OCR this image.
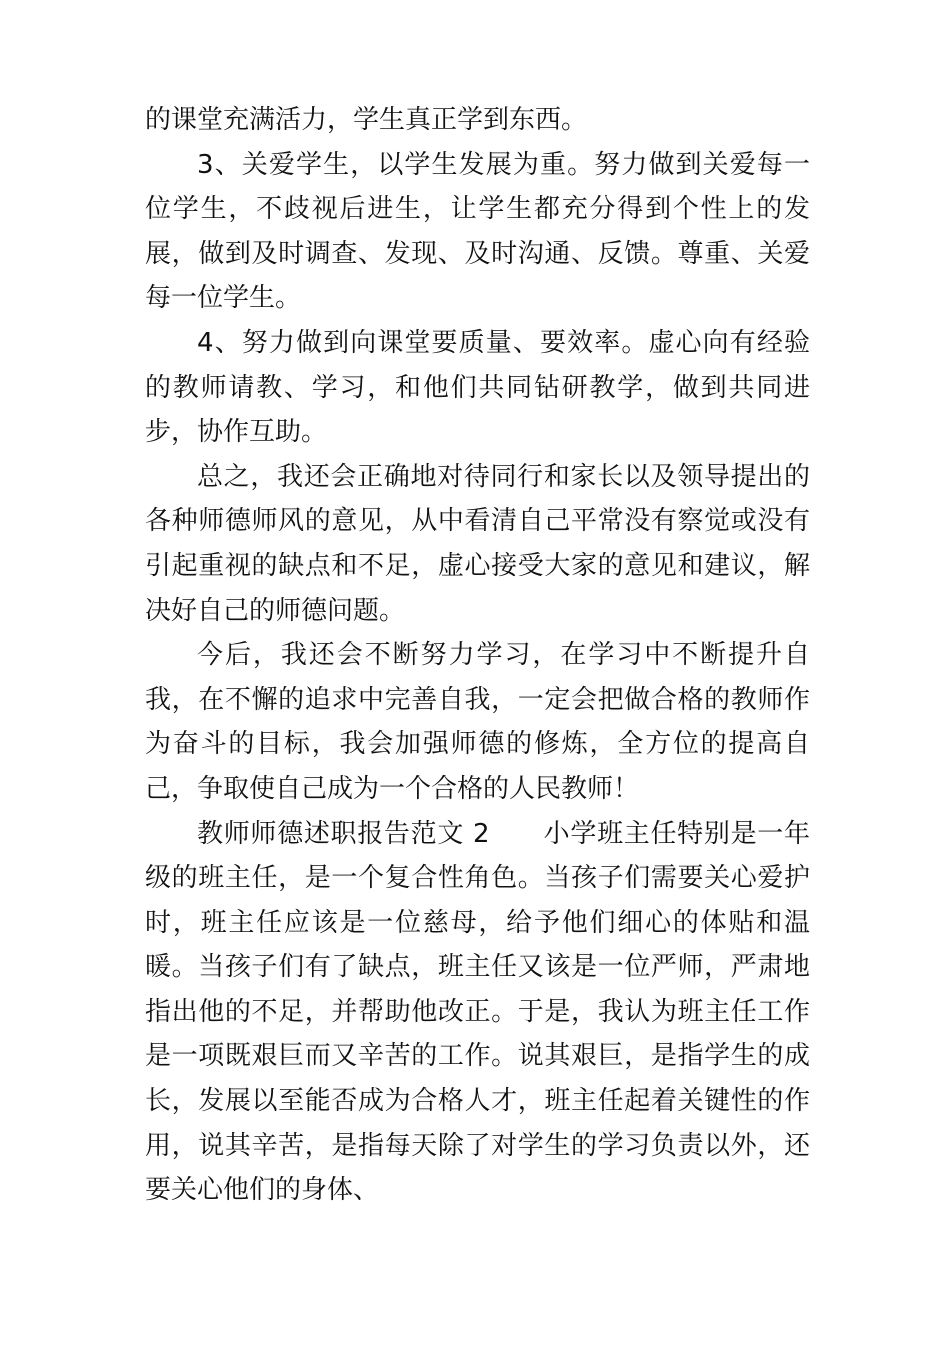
的课堂充满活力，学生真正学到东西。

3、关爱学生，以学生发展为重。努力做到关爱每一位学生，不歧视后进生，让学生都充分得到个性上的发展，做到及时调查、发现、及时沟通、反馈。尊重、关爱每一位学生。

4、努力做到向课堂要质量、要效率。虚心向有经验的教师请教、学习，和他们共同钻研教学，做到共同进步，协作互助。

总之，我还会正确地对待同行和家长以及领导提出的各种师德师风的意见，从中看清自己平常没有察觉或没有引起重视的缺点和不足，虚心接受大家的意见和建议，解决好自己的师德问题。

今后，我还会不断努力学习，在学习中不断提升自我，在不懈的追求中完善自我，一定会把做合格的教师作为奋斗的目标，我会加强师德的修炼，全方位的提高自己，争取使自己成为一个合格的人民教师！

教师师德述职报告范文 2　　小学班主任特别是一年级的班主任，是一个复合性角色。当孩子们需要关心爱护时，班主任应该是一位慈母，给予他们细心的体贴和温暖。当孩子们有了缺点，班主任又该是一位严师，严肃地指出他的不足，并帮助他改正。于是，我认为班主任工作是一项既艰巨而又辛苦的工作。说其艰巨，是指学生的成长，发展以至能否成为合格人才，班主任起着关键性的作用，说其辛苦，是指每天除了对学生的学习负责以外，还要关心他们的身体、
